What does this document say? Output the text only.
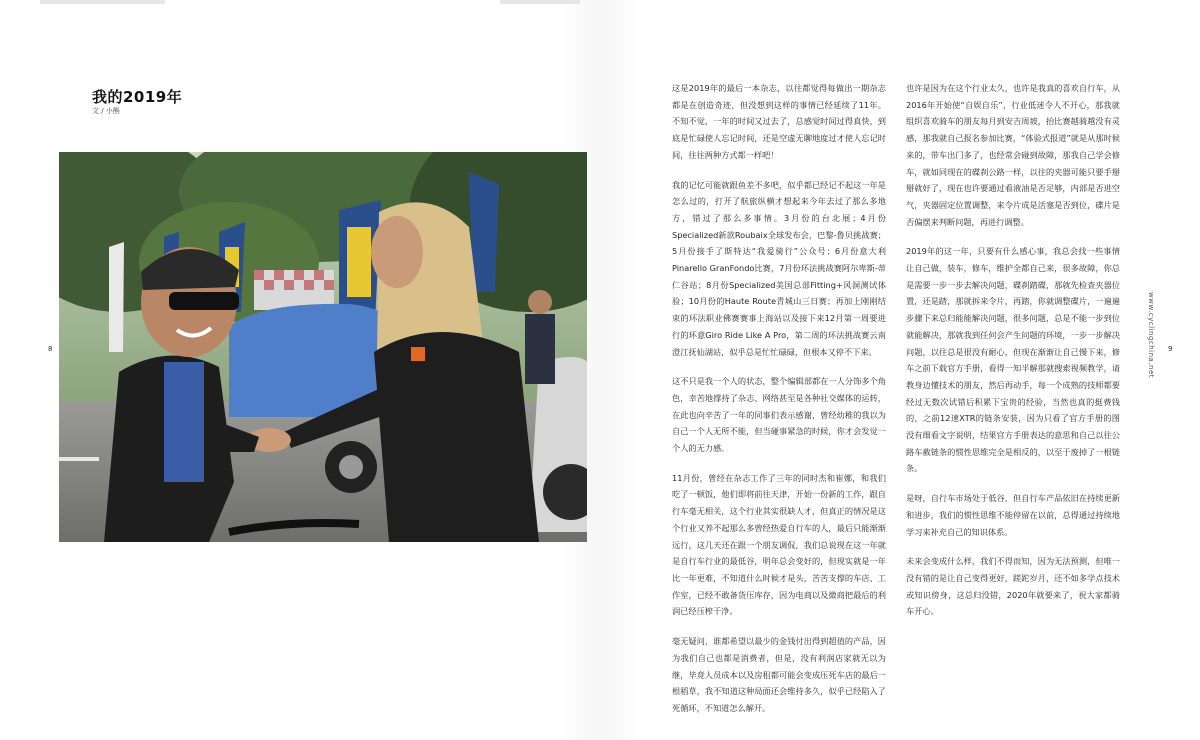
我的2019年
文 / 小熊
8	9
www.cyclingchina.net

这是2019年的最后一本杂志，以往都觉得每做出一期杂志都是在创造奇迹，但没想到这样的事情已经延续了11年。不知不觉，一年的时间又过去了，总感觉时间过得真快，到底是忙碌使人忘记时间，还是空虚无聊地度过才使人忘记时间，往往两种方式都一样吧！

我的记忆可能就跟鱼差不多吧，似乎都已经记不起这一年是怎么过的，打开了航旅纵横才想起来今年去过了那么多地方，错过了那么多事情。3月份的台北展；4月份Specialized新款Roubaix全球发布会，巴黎-鲁贝挑战赛；5月份接手了斯特达“我爱骑行”公众号；6月份意大利Pinarello GranFondo比赛，7月份环法挑战赛阿尔卑斯-蒂仁谷站；8月份Specialized美国总部Fitting+风洞测试体验；10月份的Haute Route青城山三日赛；再加上刚刚结束的环法职业佛赛赛事上海站以及接下来12月第一周要进行的环意Giro Ride Like A Pro，第二周的环法挑战赛云南澄江抚仙湖站，似乎总是忙忙碌碌，但根本又停不下来。

这不只是我一个人的状态，整个编辑部都在一人分饰多个角色，幸苦地撑持了杂志、网络甚至是各种社交媒体的运转，在此也向辛苦了一年的同事们表示感谢，曾经幼稚的我以为自己一个人无所不能，但当碰事紧急的时候，你才会发觉一个人的无力感。

11月份，曾经在杂志工作了三年的同时杰和崔娜，和我们吃了一顿饭，他们即将前往天津，开始一份新的工作，跟自行车毫无相关，这个行业其实很缺人才，但真正的情况是这个行业又养不起那么多曾经热爱自行车的人，最后只能渐渐远行，这几天还在跟一个朋友调侃，我们总说现在这一年就是自行车行业的最低谷，明年总会变好的，但现实就是一年比一年更难，不知道什么时候才是头，苦苦支撑的车店、工作室，已经不敢备货压库存，因为电商以及微商把最后的利润已经压榨干净。

毫无疑问，谁都希望以最少的金钱付出得到超值的产品，因为我们自己也都是消费者，但是，没有利润店家就无以为继，毕竟人员成本以及房租都可能会变成压死车店的最后一根稻草，我不知道这种局面还会维持多久，似乎已经陷入了死循环，不知道怎么解开。

也许是因为在这个行业太久，也许是我真的喜欢自行车，从2016年开始使“自娱自乐”，行业低迷令人不开心，那我就组织喜欢骑车的朋友每月到安吉周坡，抬比赛越骑越没有灵感，那我就自己报名参加比赛，“体验式报道”就是从那时候来的，带车出门多了，也经常会碰到故障，那我自己学会修车，就如同现在的碟刹公路一样，以往的夹器可能只要手掰掰就好了，现在也许要通过看液油是否足够，内部是否进空气，夹器固定位置调整，来令片成是活塞是否到位，碟片是否偏摆来判断问题，再进行调整。

2019年的这一年，只要有什么感心事，我总会找一些事情让自己做，装车，修车，维护全都自己来，很多故障，你总是需要一步一步去解决问题，碟刹踏碟，那就先检查夹器位置，还是踏，那就拆来令片，再踏，你就调整碟片，一遍遍步骤下来总归能能解决问题，很多问题，总是不能一步到位就能解决，那就我到任何会产生问题的环境，一步一步解决问题，以往总是很没有耐心，但现在渐渐让自己慢下来，修车之前下载官方手册，看得一知半解那就搜索视频教学，请教身边懂技术的朋友，然后再动手，每一个成熟的技师都要经过无数次试错后积累下宝贵的经验，当然也真的挺费钱的，之前12速XTR的链条安装，因为只看了官方手册的图没有细看文字说明，结果官方手册表达的意思和自己以往公路车截链条的惯性思维完全是相反的，以至于废掉了一根链条。

是呀，自行车市场处于低谷，但自行车产品依旧在持续更新和进步，我们的惯性思维不能停留在以前，总得通过持续地学习来补充自己的知识体系。

未来会变成什么样，我们不得而知，因为无法预测，但唯一没有错的是让自己变得更好，蹉跎岁月，还不如多学点技术或知识傍身，这总归没错，2020年就要来了，祝大家都骑车开心。
